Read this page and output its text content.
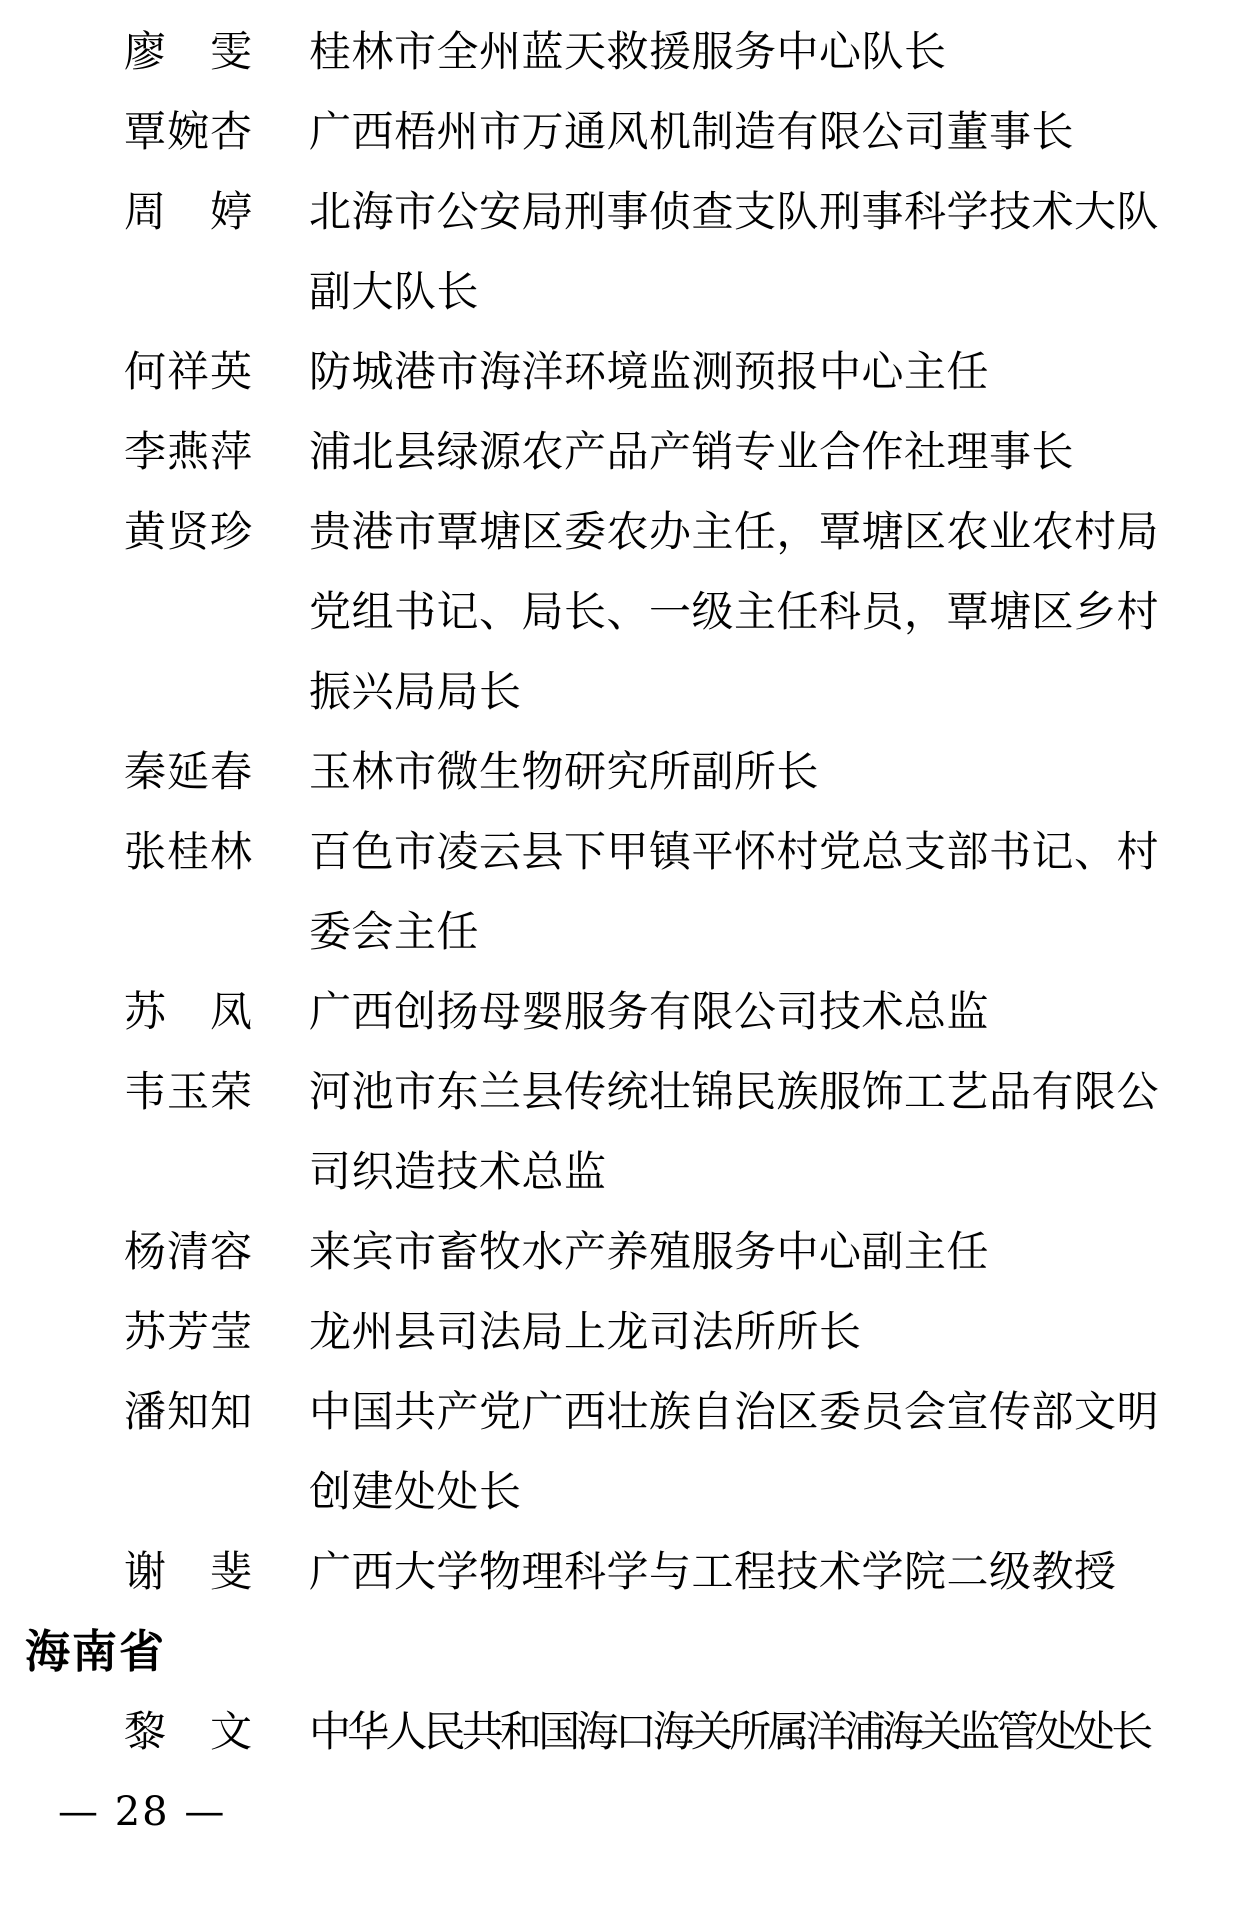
廖 雯 桂林市全州蓝天救援服务中心队长
覃 婉 杏 广西梧州市万通风机制造有限公司董事长
周 婷 北海市公安局刑事侦查支队刑事科学技术大队
副大队长
何 祥 英 防城港市海洋环境监测预报中心主任
李 燕 萍 浦北县绿源农产品产销专业合作社理事长
黄 贤 珍 贵港市覃塘区委农办主任，覃塘区农业农村局
党组书记、局长、一级主任科员，覃塘区乡村
振兴局局长
秦 延 春 玉林市微生物研究所副所长
张 桂 林 百色市凌云县下甲镇平怀村党总支部书记、村
委会主任
苏 凤 广西创扬母婴服务有限公司技术总监
韦 玉 荣 河池市东兰县传统壮锦民族服饰工艺品有限公
司织造技术总监
杨 清 容 来宾市畜牧水产养殖服务中心副主任
苏 芳 莹 龙州县司法局上龙司法所所长
潘 知 知 中国共产党广西壮族自治区委员会宣传部文明
创建处处长
谢 斐 广西大学物理科学与工程技术学院二级教授
海南省
黎 文 中华人民共和国海口海关所属洋浦海关监管处处长
— 28 —
